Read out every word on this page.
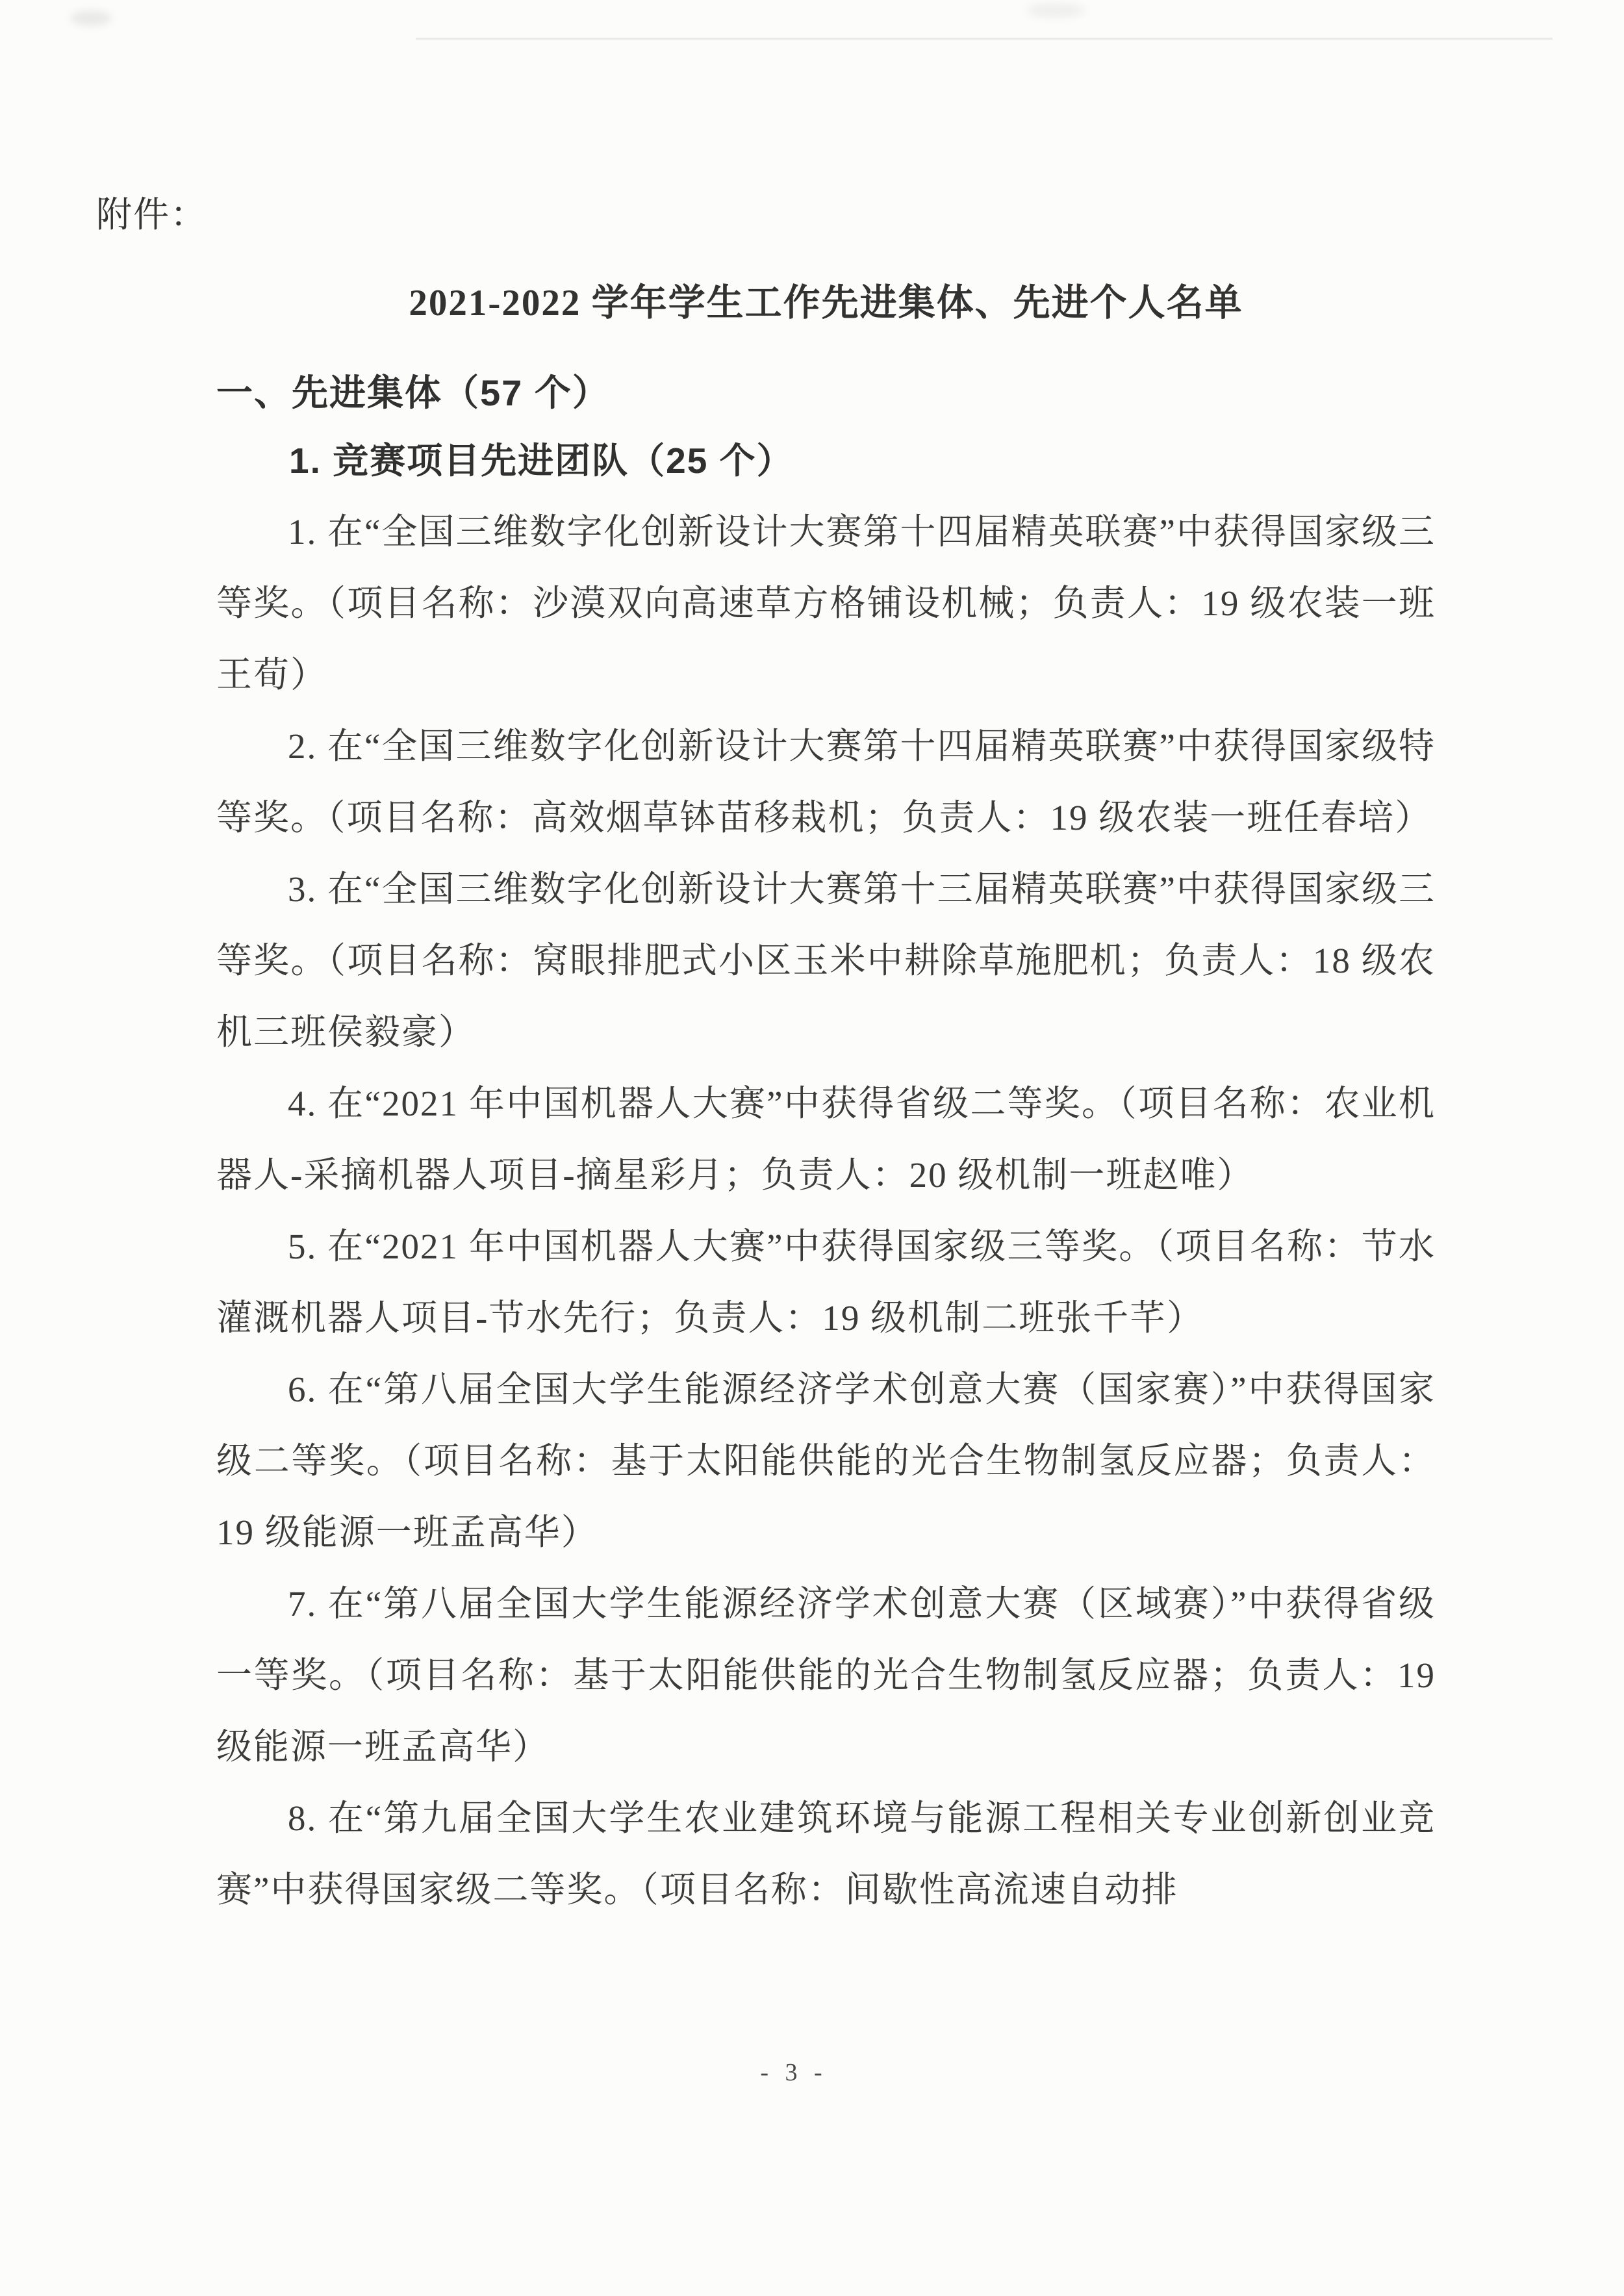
附件：
2021-2022 学年学生工作先进集体、先进个人名单
一、先进集体（57 个）
1. 竞赛项目先进团队（25 个）

1. 在“全国三维数字化创新设计大赛第十四届精英联赛”中获得国家级三等奖。（项目名称：沙漠双向高速草方格铺设机械；负责人：19 级农装一班王荀）

2. 在“全国三维数字化创新设计大赛第十四届精英联赛”中获得国家级特等奖。（项目名称：高效烟草钵苗移栽机；负责人：19 级农装一班任春培）

3. 在“全国三维数字化创新设计大赛第十三届精英联赛”中获得国家级三等奖。（项目名称：窝眼排肥式小区玉米中耕除草施肥机；负责人：18 级农机三班侯毅豪）

4. 在“2021 年中国机器人大赛”中获得省级二等奖。（项目名称：农业机器人-采摘机器人项目-摘星彩月；负责人：20 级机制一班赵唯）

5. 在“2021 年中国机器人大赛”中获得国家级三等奖。（项目名称：节水灌溉机器人项目-节水先行；负责人：19 级机制二班张千芊）

6. 在“第八届全国大学生能源经济学术创意大赛（国家赛）”中获得国家级二等奖。（项目名称：基于太阳能供能的光合生物制氢反应器；负责人：19 级能源一班孟高华）

7. 在“第八届全国大学生能源经济学术创意大赛（区域赛）”中获得省级一等奖。（项目名称：基于太阳能供能的光合生物制氢反应器；负责人：19 级能源一班孟高华）

8. 在“第九届全国大学生农业建筑环境与能源工程相关专业创新创业竞赛”中获得国家级二等奖。（项目名称：间歇性高流速自动排

- 3 -
